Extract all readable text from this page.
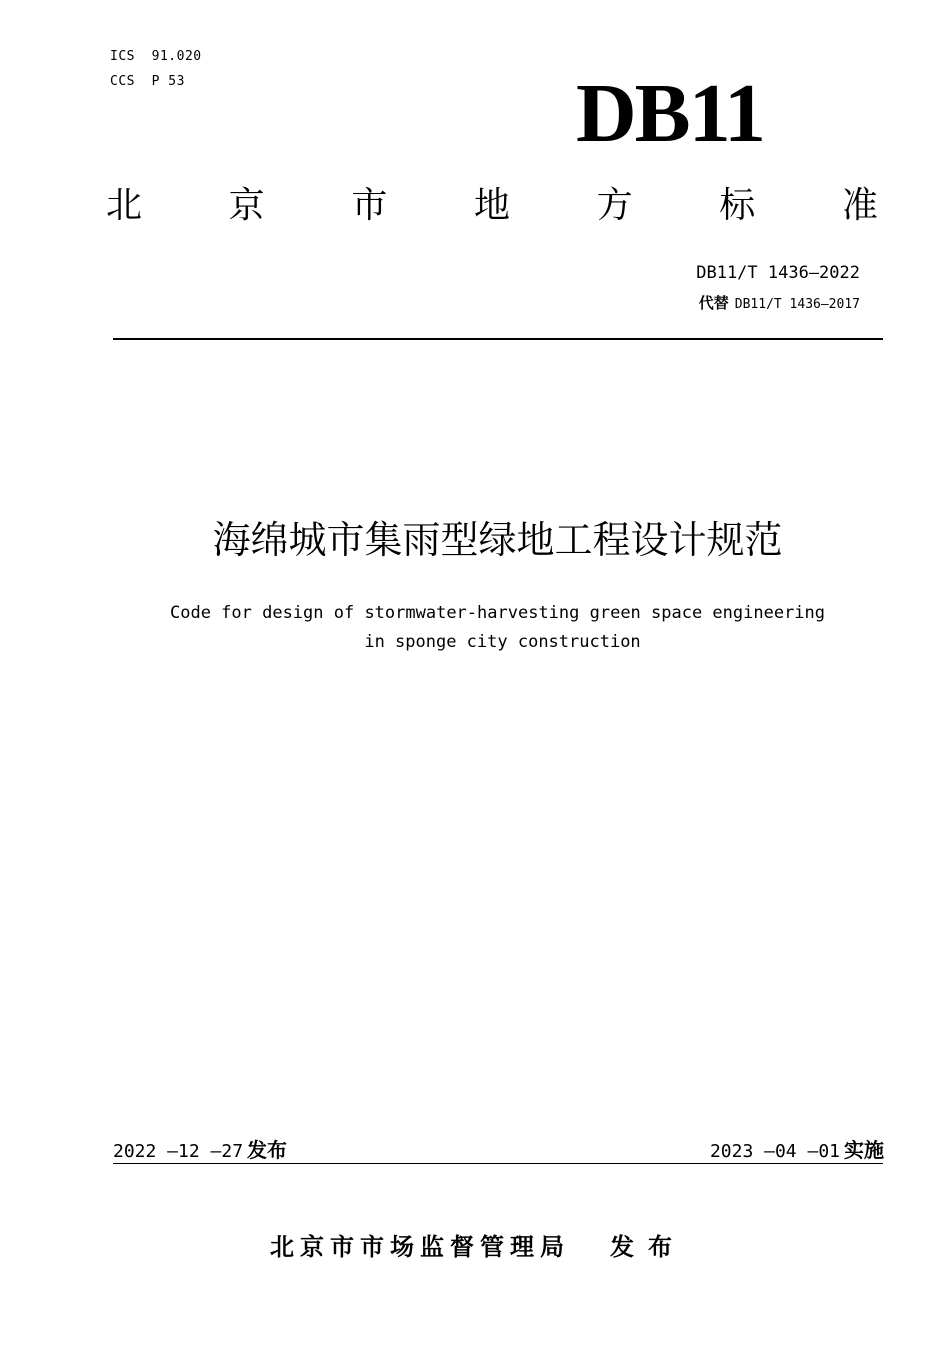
ICS  91.020
CCS  P 53	DB11
北 京 市 地 方 标 准
DB11/T 1436—2022
代替 DB11/T 1436—2017
海绵城市集雨型绿地工程设计规范
Code for design of stormwater-harvesting green space engineering
in sponge city construction
2022 —12 —27 发布	2023 —04 —01 实施
北京市市场监督管理局 发布
